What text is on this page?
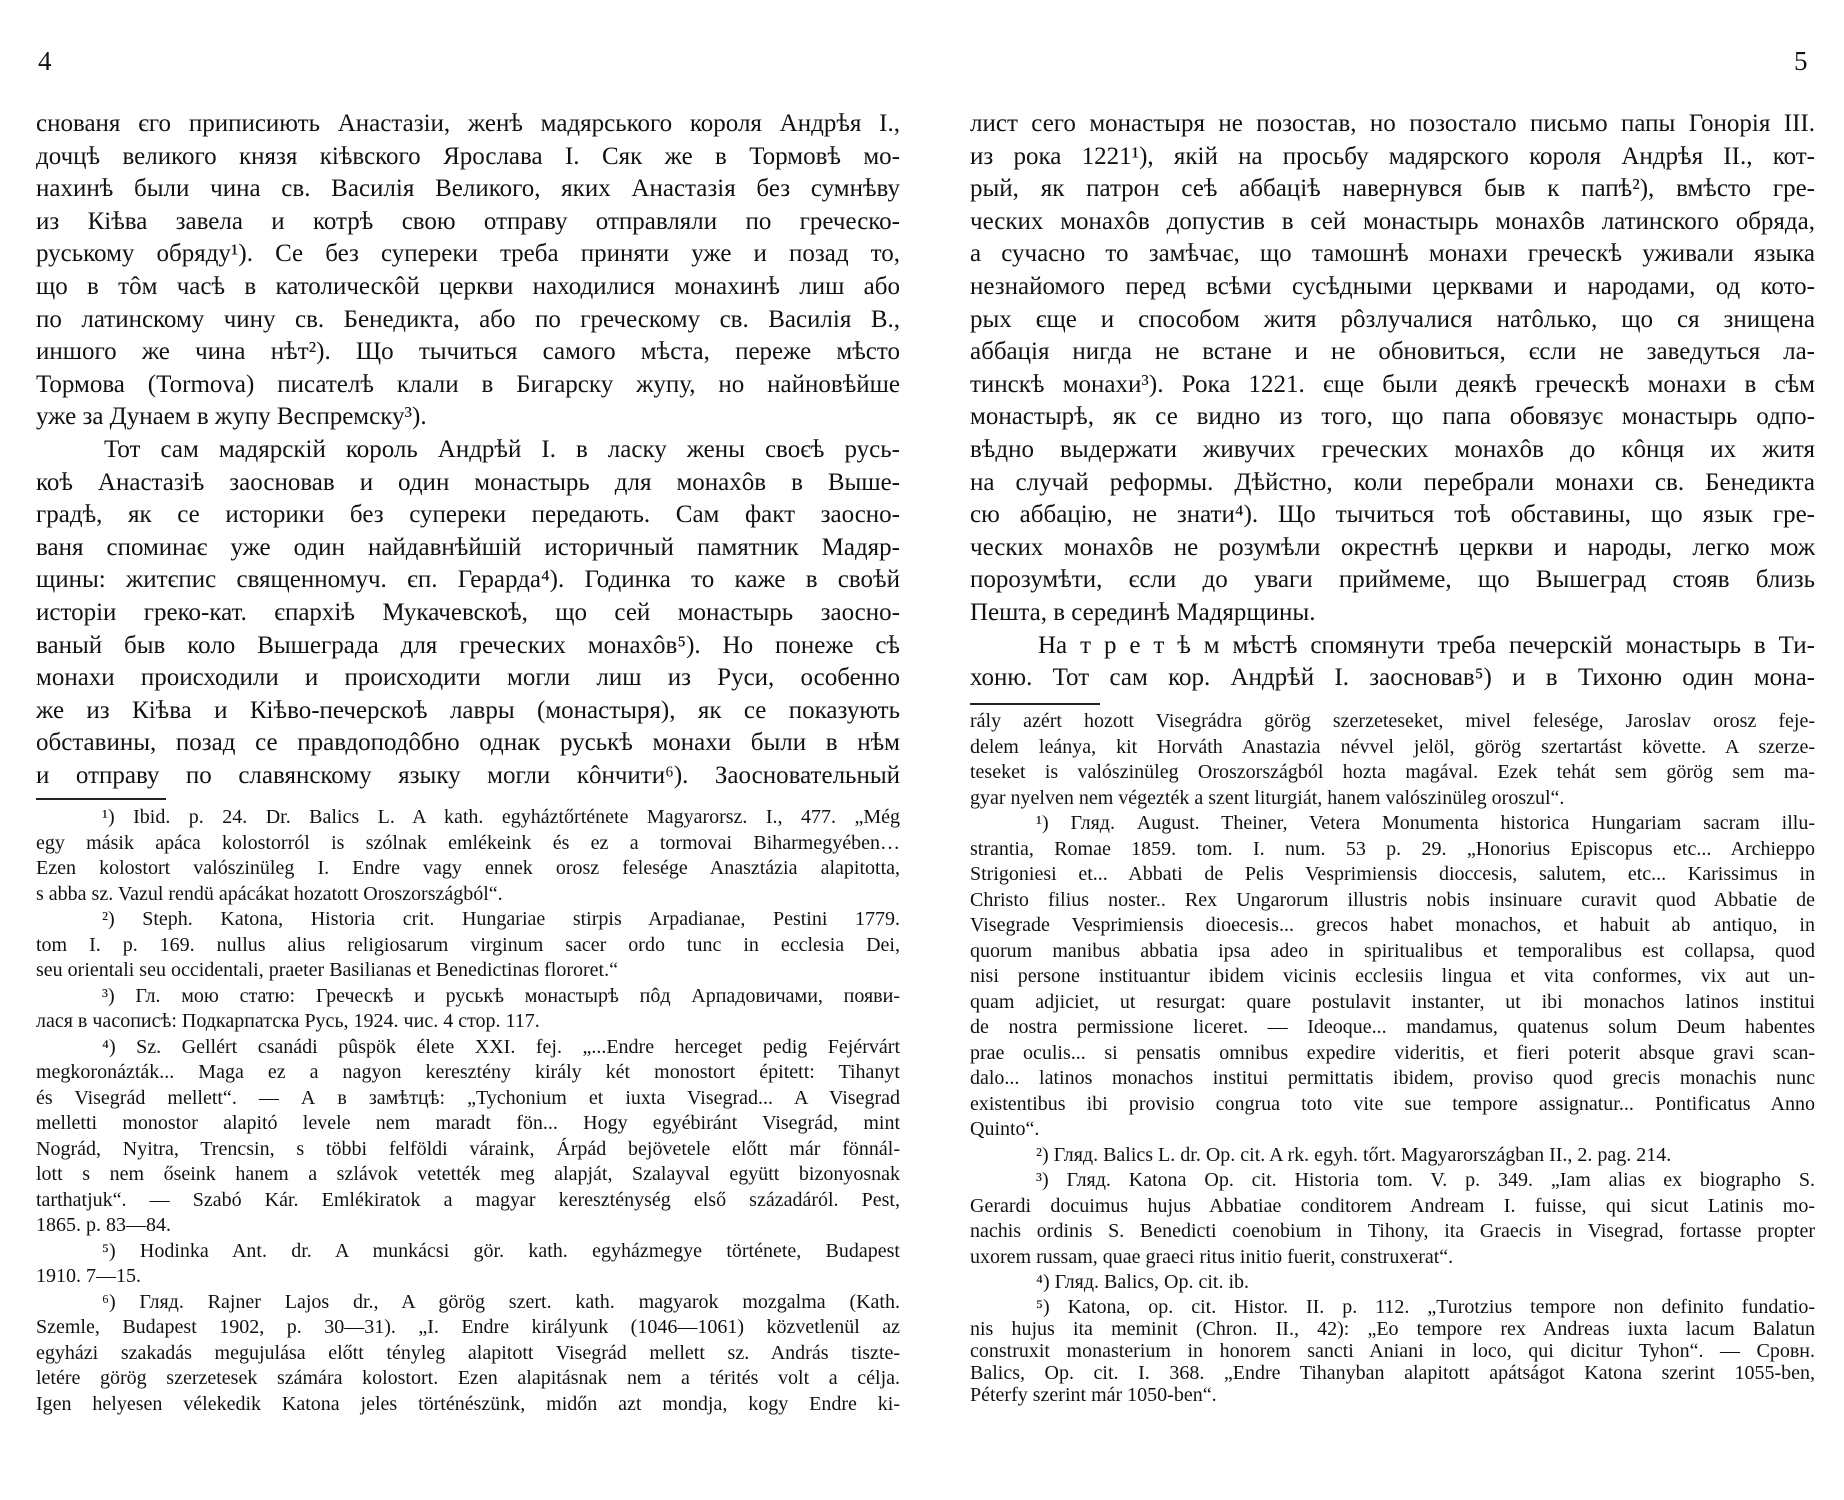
4	5
снованя єго приписиють Анастазіи, женѣ мадярського короля Андрѣя І.,
дочцѣ великого князя кіѣвского Ярослава І. Сяк же в Тормовѣ мо-
нахинѣ были чина св. Василія Великого, яких Анастазія без сумнѣву
из Кіѣва завела и котрѣ свою отправу отправляли по греческо-
руському обряду¹). Се без супереки треба приняти уже и позад то,
що в тôм часѣ в католическôй церкви находилися монахинѣ лиш або
по латинскому чину св. Бенедикта, або по греческому св. Василія В.,
иншого же чина нѣт²). Що тычиться самого мѣста, переже мѣсто
Тормова (Tormova) писателѣ клали в Бигарску жупу, но найновѣйше
уже за Дунаем в жупу Веспремску³).
Тот сам мадярскій король Андрѣй І. в ласку жены своєѣ русь-
коѣ Анастазіѣ заосновав и один монастырь для монахôв в Выше-
градѣ, як се историки без супереки передають. Сам факт заосно-
ваня споминає уже один найдавнѣйшій историчный памятник Мадяр-
щины: житєпис священномуч. єп. Герарда⁴). Годинка то каже в своѣй
исторіи греко-кат. єпархіѣ Мукачевскоѣ, що сей монастырь заосно-
ваный быв коло Вышеграда для греческих монахôв⁵). Но понеже сѣ
монахи происходили и происходити могли лиш из Руси, особенно
же из Кіѣва и Кіѣво-печерскоѣ лавры (монастыря), як се показують
обставины, позад се правдоподôбно однак руськѣ монахи были в нѣм
и отправу по славянскому языку могли кôнчити⁶). Заосновательный
¹) Ibid. p. 24. Dr. Balics L. A kath. egyháztőrténete Magyarorsz. I., 477. „Még
egy másik apáca kolostorról is szólnak emlékeink és ez a tormovai Biharmegyében…
Ezen kolostort valószinüleg I. Endre vagy ennek orosz felesége Anasztázia alapitotta,
s abba sz. Vazul rendü apácákat hozatott Oroszországból“.
²) Steph. Katona, Historia crit. Hungariae stirpis Arpadianae, Pestini 1779.
tom I. p. 169. nullus alius religiosarum virginum sacer ordo tunc in ecclesia Dei,
seu orientali seu occidentali, praeter Basilianas et Benedictinas flororet.“
³) Гл. мою статю: Греческѣ и руськѣ монастырѣ пôд Арпадовичами, появи-
лася в часописѣ: Подкарпатска Русь, 1924. чис. 4 стор. 117.
⁴) Sz. Gellért csanádi pûspök élete XXI. fej. „...Endre herceget pedig Fejérvárt
megkoronázták... Maga ez a nagyon keresztény király két monostort épitett: Tihanyt
és Visegrád mellett“. — А в замѣтцѣ: „Tychonium et iuxta Visegrad... A Visegrad
melletti monostor alapitó levele nem maradt fön... Hogy egyébiránt Visegrád, mint
Nográd, Nyitra, Trencsin, s többi felföldi váraink, Árpád bejövetele előtt már fönnál-
lott s nem őseink hanem a szlávok vetették meg alapját, Szalayval együtt bizonyosnak
tarthatjuk“. — Szabó Kár. Emlékiratok a magyar kereszténység első századáról. Pest,
1865. p. 83—84.
⁵) Hodinka Ant. dr. A munkácsi gör. kath. egyházmegye története, Budapest
1910. 7—15.
⁶) Гляд. Rajner Lajos dr., A görög szert. kath. magyarok mozgalma (Kath.
Szemle, Budapest 1902, p. 30—31). „I. Endre királyunk (1046—1061) közvetlenül az
egyházi szakadás megujulása előtt tényleg alapitott Visegrád mellett sz. András tiszte-
letére görög szerzetesek számára kolostort. Ezen alapitásnak nem a térités volt a célja.
Igen helyesen vélekedik Katona jeles történészünk, midőn azt mondja, kogy Endre ki-
лист сего монастыря не позостав, но позостало письмо папы Гонорія III.
из рока 1221¹), якій на просьбу мадярского короля Андрѣя II., кот-
рый, як патрон сеѣ аббаціѣ навернувся быв к папѣ²), вмѣсто гре-
ческих монахôв допустив в сей монастырь монахôв латинского обряда,
а сучасно то замѣчає, що тамошнѣ монахи греческѣ уживали языка
незнайомого перед всѣми сусѣдными церквами и народами, од кото-
рых єще и способом житя рôзлучалися натôлько, що ся знищена
аббація нигда не встане и не обновиться, єсли не заведуться ла-
тинскѣ монахи³). Рока 1221. єще были деякѣ греческѣ монахи в сѣм
монастырѣ, як се видно из того, що папа обовязує монастырь одпо-
вѣдно выдержати живучих греческих монахôв до кôнця их житя
на случай реформы. Дѣйстно, коли перебрали монахи св. Бенедикта
сю аббацію, не знати⁴). Що тычиться тоѣ обставины, що язык гре-
ческих монахôв не розумѣли окрестнѣ церкви и народы, легко мож
порозумѣти, єсли до уваги приймеме, що Вышеград стояв близь
Пешта, в серединѣ Мадярщины.
На т р е т ѣ м мѣстѣ спомянути треба печерскій монастырь в Ти-
хоню. Тот сам кор. Андрѣй І. заосновав⁵) и в Тихоню один мона-
rály azért hozott Visegrádra görög szerzeteseket, mivel felesége, Jaroslav orosz feje-
delem leánya, kit Horváth Anastazia névvel jelöl, görög szertartást követte. A szerze-
teseket is valószinüleg Oroszországból hozta magával. Ezek tehát sem görög sem ma-
gyar nyelven nem végezték a szent liturgiát, hanem valószinüleg oroszul“.
¹) Гляд. August. Theiner, Vetera Monumenta historica Hungariam sacram illu-
strantia, Romae 1859. tom. I. num. 53 p. 29. „Honorius Episcopus etc... Archieppo
Strigoniesi et... Abbati de Pelis Vesprimiensis dioccesis, salutem, etc... Karissimus in
Christo filius noster.. Rex Ungarorum illustris nobis insinuare curavit quod Abbatie de
Visegrade Vesprimiensis dioecesis... grecos habet monachos, et habuit ab antiquo, in
quorum manibus abbatia ipsa adeo in spiritualibus et temporalibus est collapsa, quod
nisi persone instituantur ibidem vicinis ecclesiis lingua et vita conformes, vix aut un-
quam adjiciet, ut resurgat: quare postulavit instanter, ut ibi monachos latinos institui
de nostra permissione liceret. — Ideoque... mandamus, quatenus solum Deum habentes
prae oculis... si pensatis omnibus expedire videritis, et fieri poterit absque gravi scan-
dalo... latinos monachos institui permittatis ibidem, proviso quod grecis monachis nunc
existentibus ibi provisio congrua toto vite sue tempore assignatur... Pontificatus Anno
Quinto“.
²) Гляд. Balics L. dr. Op. cit. A rk. egyh. tőrt. Magyarországban II., 2. pag. 214.
³) Гляд. Katona Op. cit. Historia tom. V. p. 349. „Iam alias ex biographo S.
Gerardi docuimus hujus Abbatiae conditorem Andream I. fuisse, qui sicut Latinis mo-
nachis ordinis S. Benedicti coenobium in Tihony, ita Graecis in Visegrad, fortasse propter
uxorem russam, quae graeci ritus initio fuerit, construxerat“.
⁴) Гляд. Balics, Op. cit. ib.
⁵) Katona, op. cit. Histor. II. p. 112. „Turotzius tempore non definito fundatio-
nis hujus ita meminit (Chron. II., 42): „Eo tempore rex Andreas iuxta lacum Balatun
construxit monasterium in honorem sancti Aniani in loco, qui dicitur Tyhon“. — Сровн.
Balics, Op. cit. I. 368. „Endre Tihanyban alapitott apátságot Katona szerint 1055-ben,
Péterfy szerint már 1050-ben“.
